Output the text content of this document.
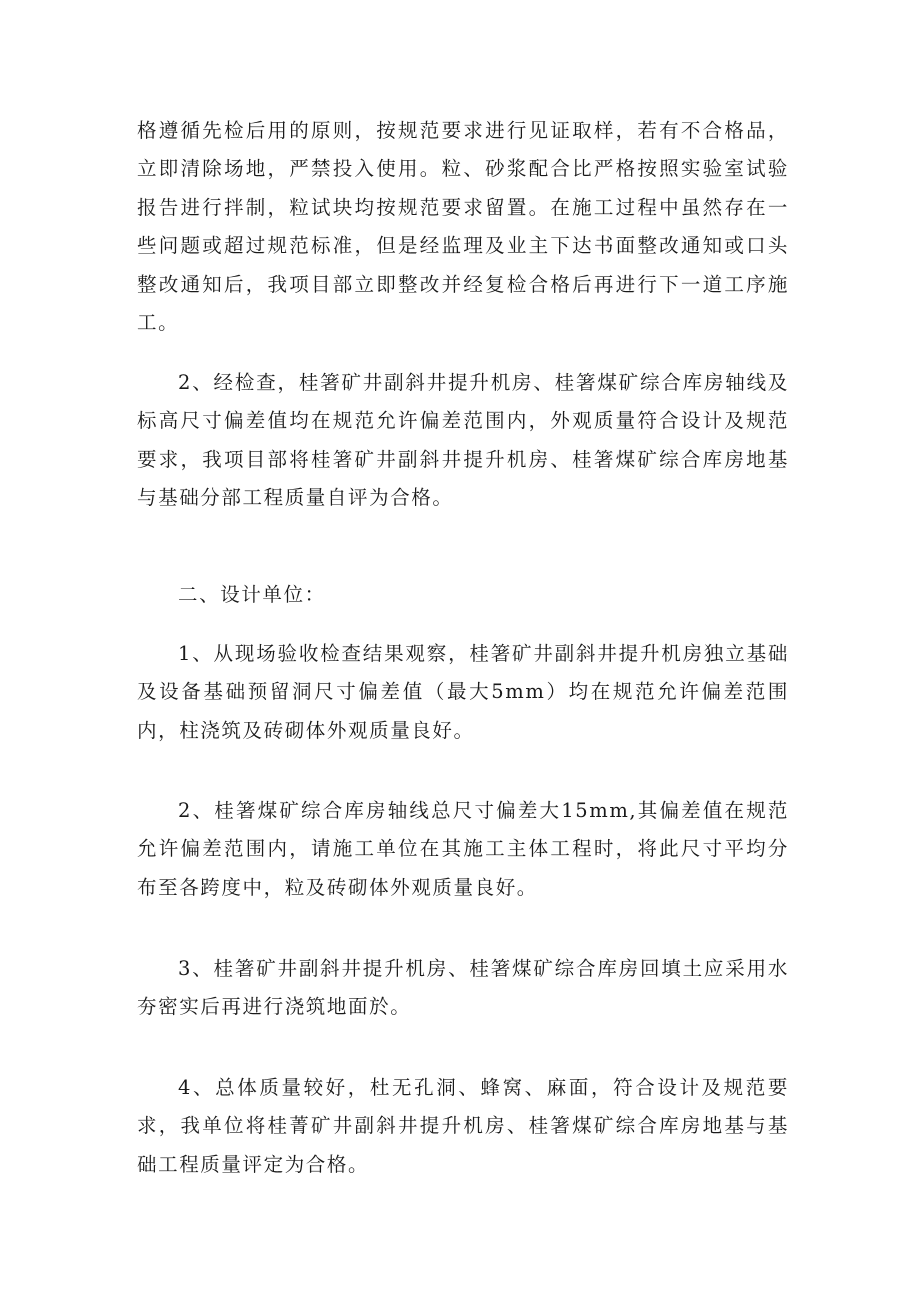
格遵循先检后用的原则，按规范要求进行见证取样，若有不合格品，立即清除场地，严禁投入使用。粒、砂浆配合比严格按照实验室试验报告进行拌制，粒试块均按规范要求留置。在施工过程中虽然存在一些问题或超过规范标准，但是经监理及业主下达书面整改通知或口头整改通知后，我项目部立即整改并经复检合格后再进行下一道工序施工。

2、经检查，桂箸矿井副斜井提升机房、桂箸煤矿综合库房轴线及标高尺寸偏差值均在规范允许偏差范围内，外观质量符合设计及规范要求，我项目部将桂箸矿井副斜井提升机房、桂箸煤矿综合库房地基与基础分部工程质量自评为合格。

二、设计单位：

1、从现场验收检查结果观察，桂箸矿井副斜井提升机房独立基础及设备基础预留洞尺寸偏差值（最大5mm）均在规范允许偏差范围内，柱浇筑及砖砌体外观质量良好。

2、桂箸煤矿综合库房轴线总尺寸偏差大15mm,其偏差值在规范允许偏差范围内，请施工单位在其施工主体工程时，将此尺寸平均分布至各跨度中，粒及砖砌体外观质量良好。

3、桂箸矿井副斜井提升机房、桂箸煤矿综合库房回填土应采用水夯密实后再进行浇筑地面於。

4、总体质量较好，杜无孔洞、蜂窝、麻面，符合设计及规范要求，我单位将桂菁矿井副斜井提升机房、桂箸煤矿综合库房地基与基础工程质量评定为合格。
